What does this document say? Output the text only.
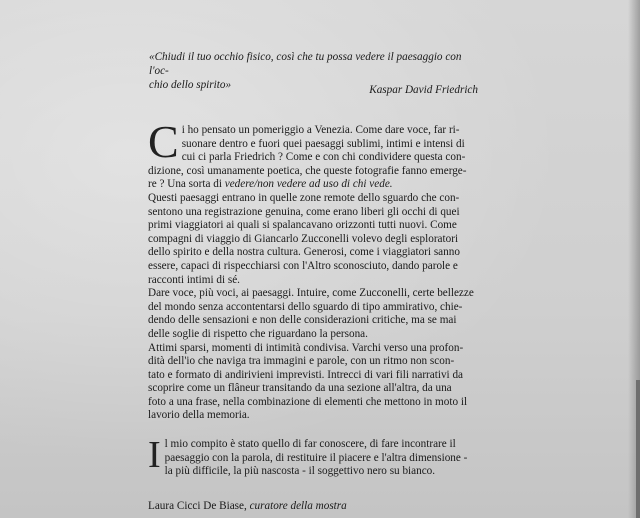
«Chiudi il tuo occhio fisico, così che tu possa vedere il paesaggio con l'oc-
chio dello spirito»	Kaspar David Friedrich
C i ho pensato un pomeriggio a Venezia. Come dare voce, far ri-
suonare dentro e fuori quei paesaggi sublimi, intimi e intensi di
cui ci parla Friedrich ? Come e con chi condividere questa con-
dizione, così umanamente poetica, che queste fotografie fanno emerge-
re ? Una sorta di vedere/non vedere ad uso di chi vede.
Questi paesaggi entrano in quelle zone remote dello sguardo che con-
sentono una registrazione genuina, come erano liberi gli occhi di quei
primi viaggiatori ai quali si spalancavano orizzonti tutti nuovi. Come
compagni di viaggio di Giancarlo Zucconelli volevo degli esploratori
dello spirito e della nostra cultura. Generosi, come i viaggiatori sanno
essere, capaci di rispecchiarsi con l'Altro sconosciuto, dando parole e
racconti intimi di sé.
Dare voce, più voci, ai paesaggi. Intuire, come Zucconelli, certe bellezze
del mondo senza accontentarsi dello sguardo di tipo ammirativo, chie-
dendo delle sensazioni e non delle considerazioni critiche, ma se mai
delle soglie di rispetto che riguardano la persona.
Attimi sparsi, momenti di intimità condivisa. Varchi verso una profon-
dità dell'io che naviga tra immagini e parole, con un ritmo non scon-
tato e formato di andirivieni imprevisti. Intrecci di vari fili narrativi da
scoprire come un flâneur transitando da una sezione all'altra, da una
foto a una frase, nella combinazione di elementi che mettono in moto il
lavorio della memoria.
I l mio compito è stato quello di far conoscere, di fare incontrare il
paesaggio con la parola, di restituire il piacere e l'altra dimensione -
la più difficile, la più nascosta - il soggettivo nero su bianco.
Laura Cicci De Biase, curatore della mostra
